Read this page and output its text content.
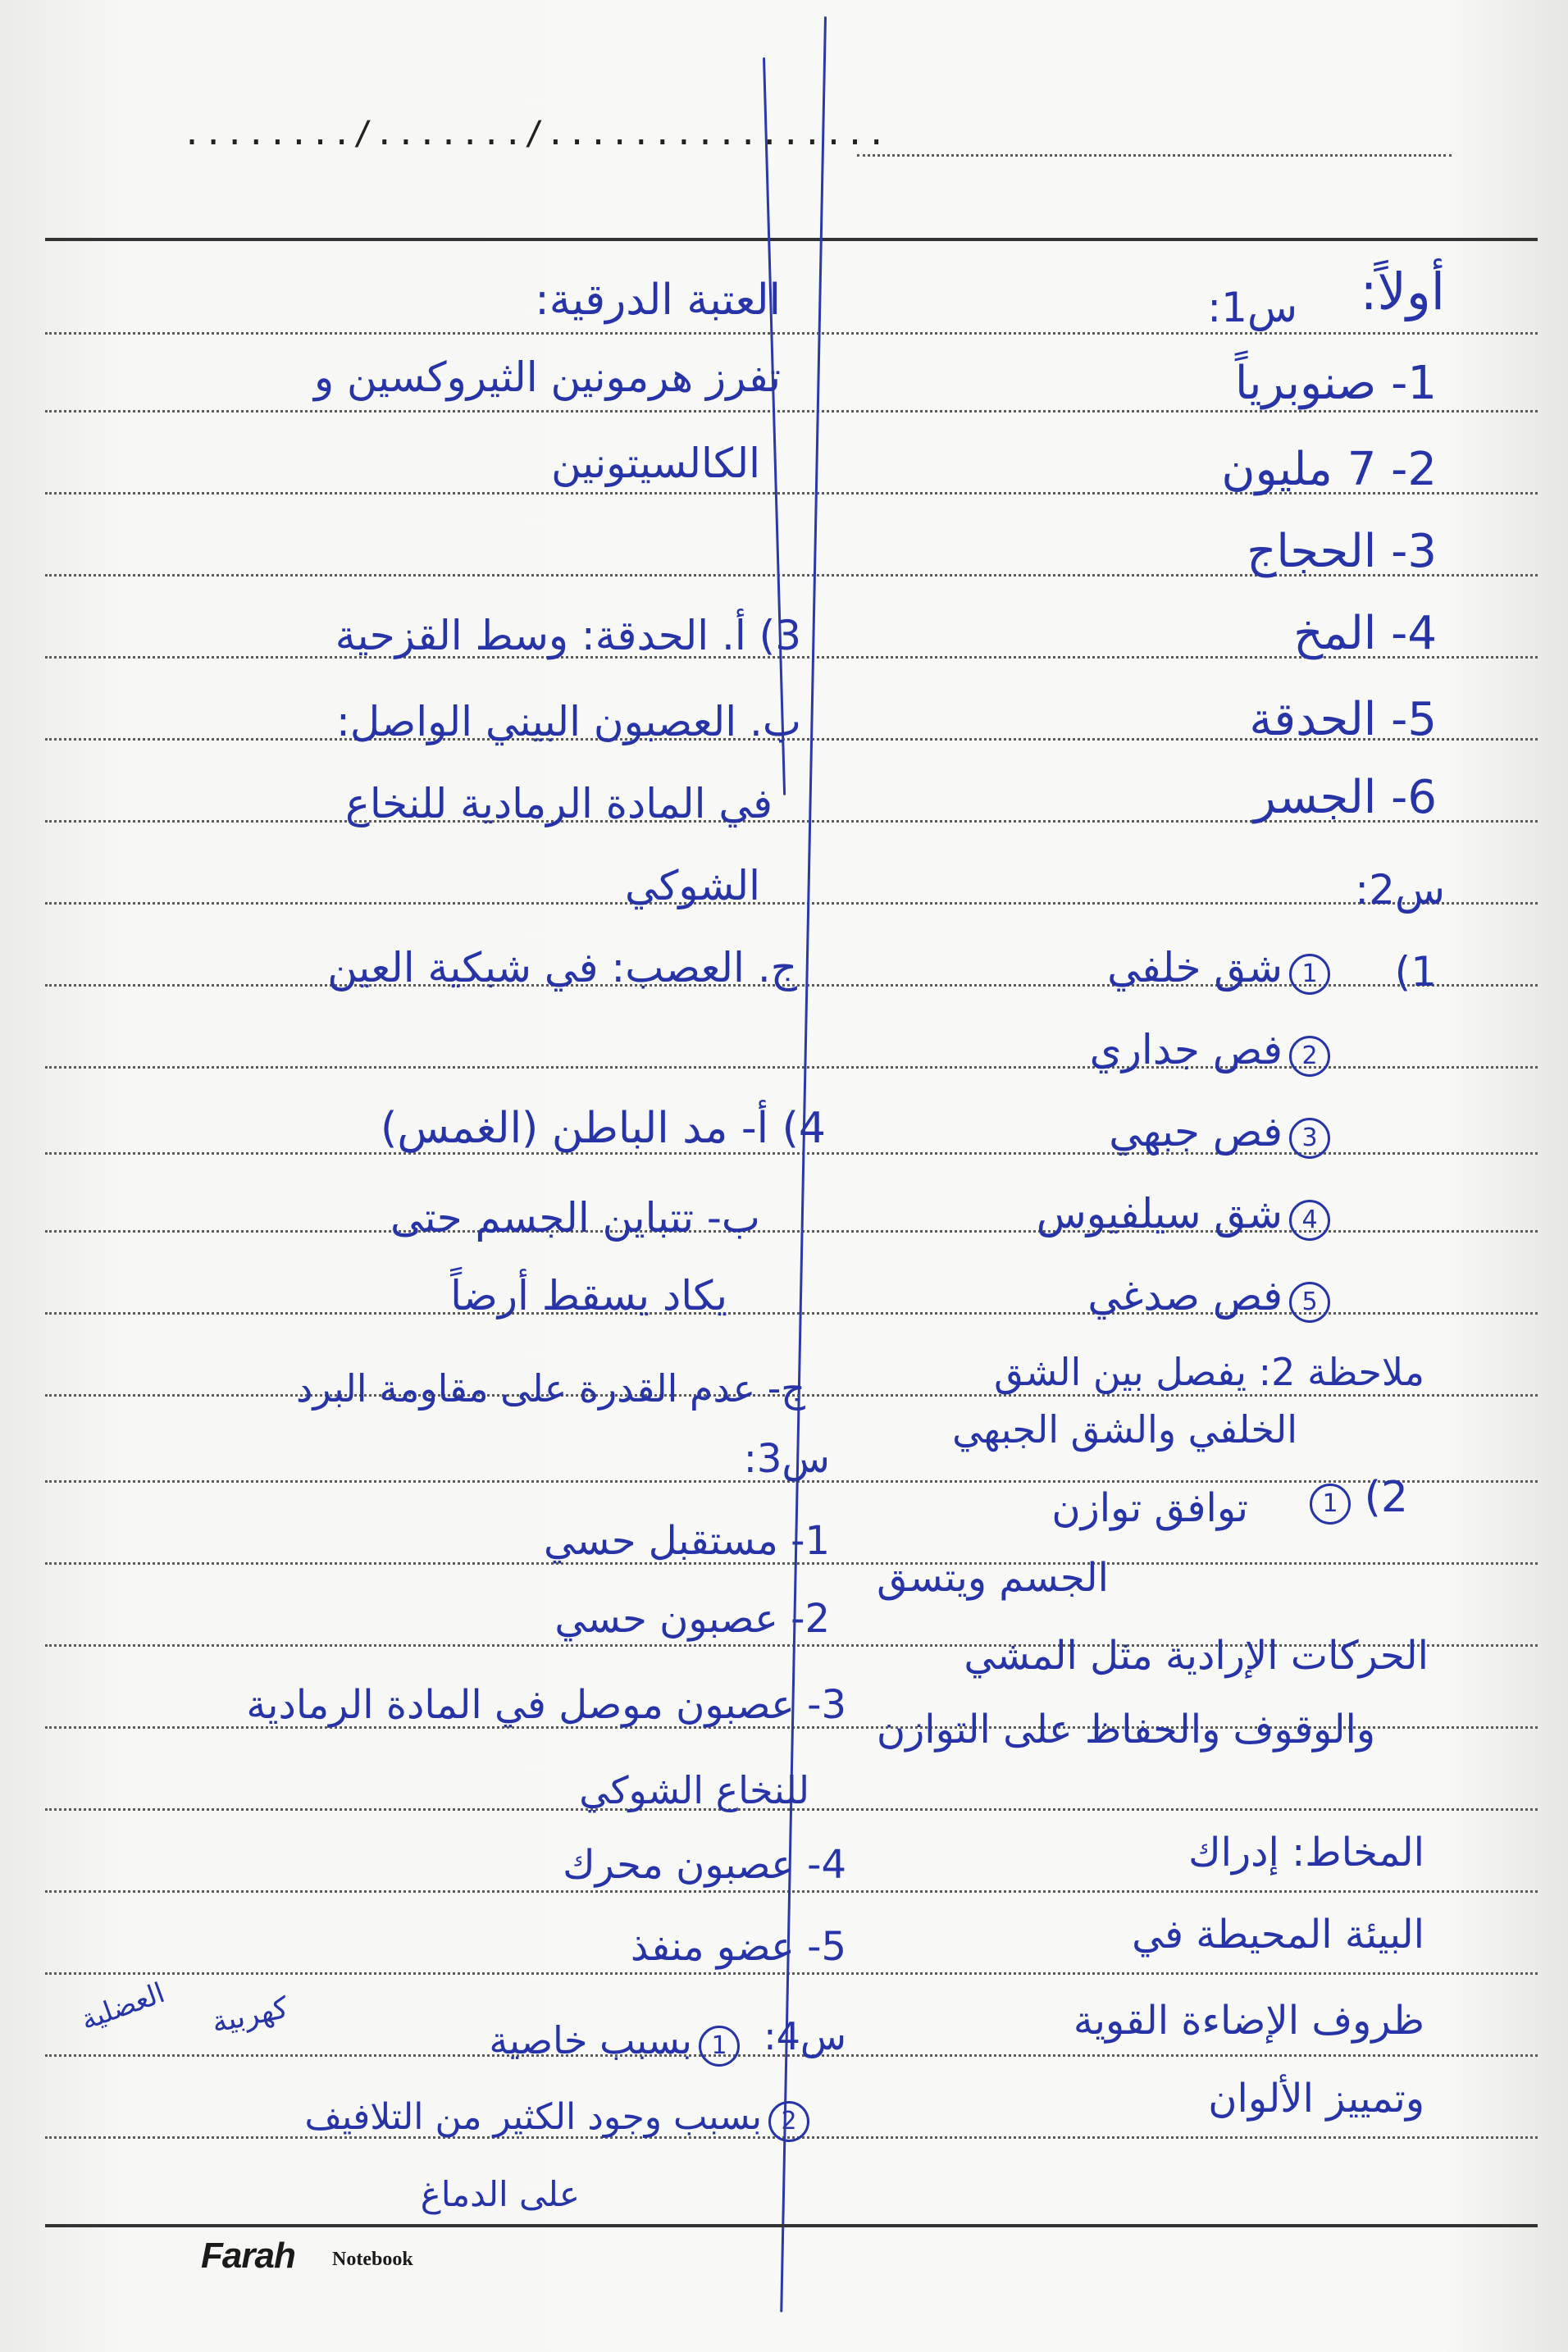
......../......./................
أولاً:
س1:
1- صنوبرياً
2- 7 مليون
3- الحجاج
4- المخ
5- الحدقة
6- الجسر
س2:
1)
1شق خلفي
2فص جداري
3فص جبهي
4شق سيلفيوس
5فص صدغي
ملاحظة 2: يفصل بين الشق
الخلفي والشق الجبهي
2) 1
توافق توازن
الجسم ويتسق
الحركات الإرادية مثل المشي
والوقوف والحفاظ على التوازن
المخاط: إدراك
البيئة المحيطة في
ظروف الإضاءة القوية
وتمييز الألوان
العتبة الدرقية:
تفرز هرمونين الثيروكسين و
الكالسيتونين
3) أ. الحدقة: وسط القزحية
ب. العصبون البيني الواصل:
في المادة الرمادية للنخاع
الشوكي
ج. العصب: في شبكية العين
4) أ- مد الباطن (الغمس)
ب- تتباين الجسم حتى
يكاد يسقط أرضاً
ج- عدم القدرة على مقاومة البرد
س3:
1- مستقبل حسي
2- عصبون حسي
3- عصبون موصل في المادة الرمادية
للنخاع الشوكي
4- عصبون محرك
5- عضو منفذ
س4:
1بسبب خاصية
كهربية
العضلية
2بسبب وجود الكثير من التلافيف
على الدماغ
Farah Notebook
